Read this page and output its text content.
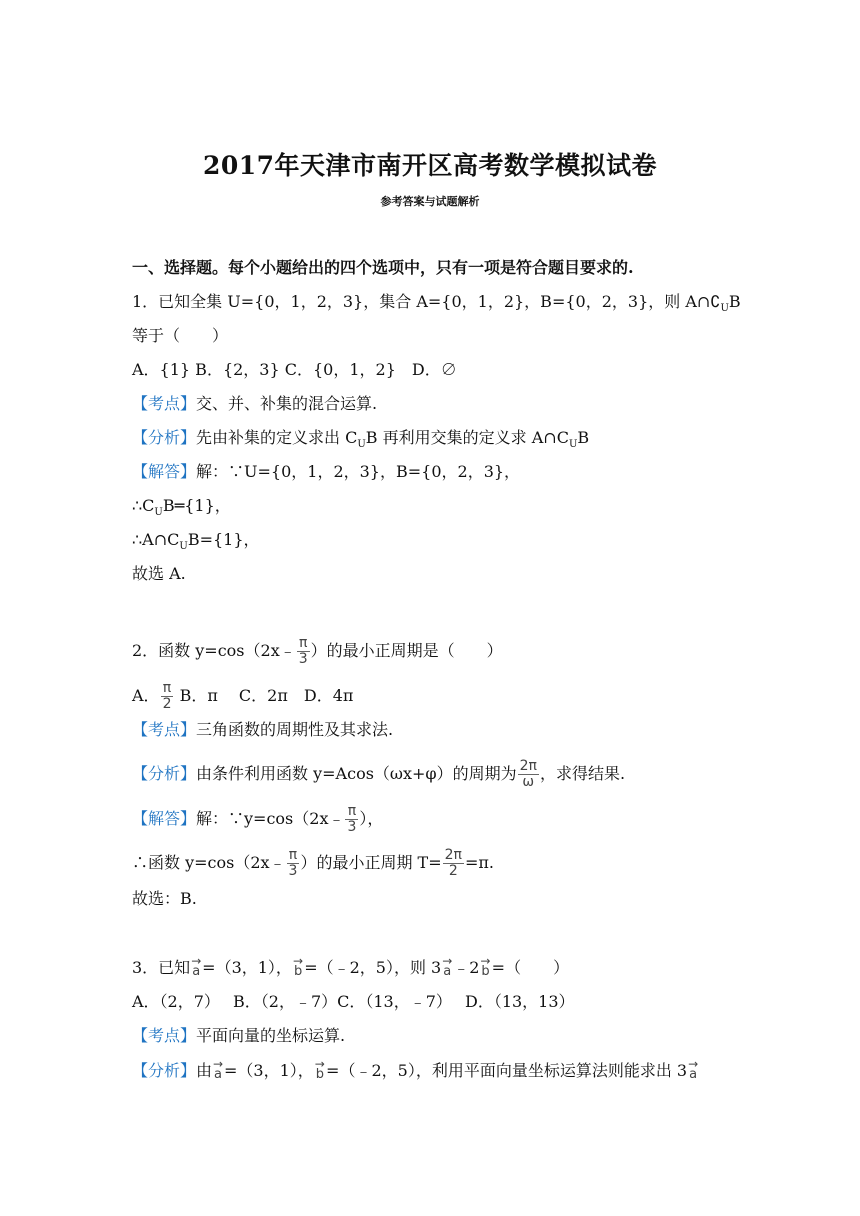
2017年天津市南开区高考数学模拟试卷
参考答案与试题解析
一、选择题。每个小题给出的四个选项中，只有一项是符合题目要求的.
1．已知全集 U={0，1，2，3}，集合 A={0，1，2}，B={0，2，3}，则 $A\cap∁_UB$
等于（　　）
A．{1} B．{2，3} C．{0，1，2}　D．∅
【考点】交、并、补集的混合运算.
【分析】先由补集的定义求出 $C_UB$ 再利用交集的定义求 $A\cap C_UB$
【解答】解：∵U={0，1，2，3}，B={0，2，3}，
$\therefore C_UB═\{1\}$，
$\therefore A\cap C_UB=\{1\}$，
故选 A.
2．函数 y=cos（2x﹣ $\frac{\pi}{3}$ ）的最小正周期是（　　）
A． $\frac{\pi}{2}$ B．π　 C．2π　D．4π
【考点】三角函数的周期性及其求法.
【分析】由条件利用函数 y=Acos（ωx+φ）的周期为 $\frac{2\pi}{\omega}$ ，求得结果.
【解答】解：∵y=cos（2x﹣ $\frac{\pi}{3}$ ），
∴函数 y=cos（2x﹣ $\frac{\pi}{3}$ ）的最小正周期 $T= \frac{2\pi}{2} =\pi$.
故选：B.
3．已知 → a =（3，1）， → b =（﹣2，5），则 3 → a ﹣2 → b =（　　）
A．（2，7）　 B．（2，﹣7）C．（13，﹣7）　 D．（13，13）
【考点】平面向量的坐标运算.
【分析】由 → a =（3，1）， → b =（﹣2，5），利用平面向量坐标运算法则能求出 3 → a
